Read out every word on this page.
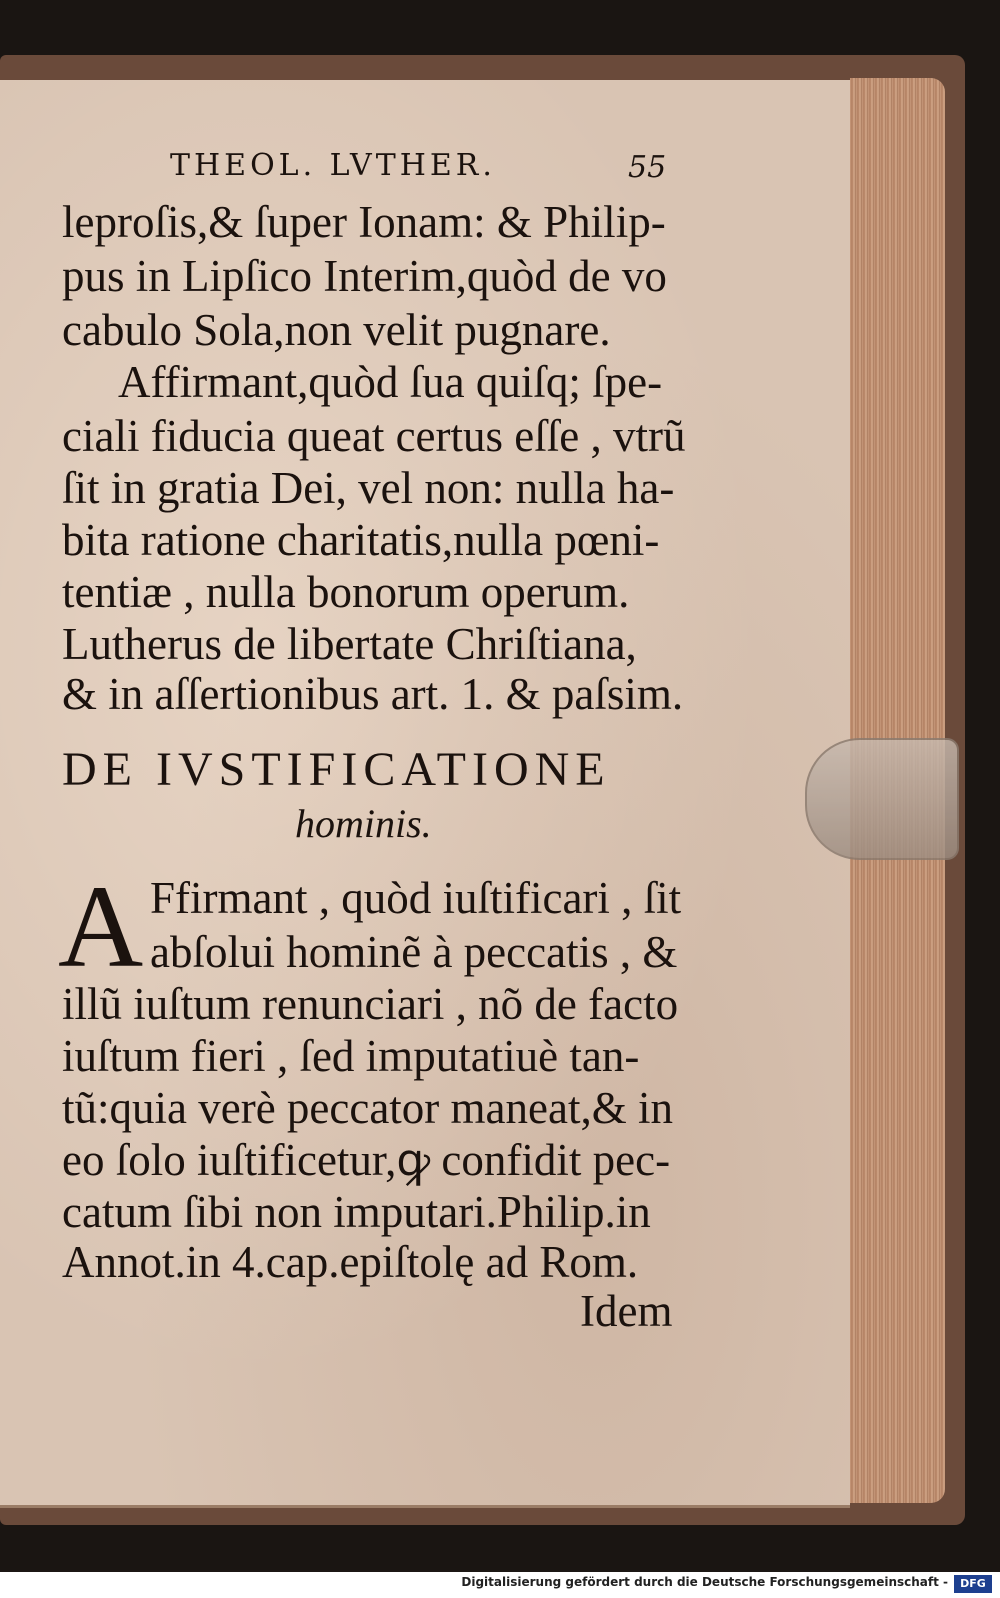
THEOL. LVTHER.	55
leproſis,& ſuper Ionam: & Philip-
pus in Lipſico Interim,quòd de vo
cabulo Sola,non velit pugnare.
Affirmant,quòd ſua quiſq; ſpe-
ciali fiducia queat certus eſſe , vtrũ
ſit in gratia Dei, vel non: nulla ha-
bita ratione charitatis,nulla pœni-
tentiæ , nulla bonorum operum.
Lutherus de libertate Chriſtiana,
& in aſſertionibus art. 1. & paſsim.
DE IVSTIFICATIONE
hominis.
A Ffirmant , quòd iuſtificari , ſit
abſolui hominẽ à peccatis , &
illũ iuſtum renunciari , nõ de facto
iuſtum fieri , ſed imputatiuè tan-
tũ:quia verè peccator maneat,& in
eo ſolo iuſtificetur,ꝙ confidit pec-
catum ſibi non imputari.Philip.in
Annot.in 4.cap.epiſtolę ad Rom.
Idem
Digitalisierung gefördert durch die Deutsche Forschungsgemeinschaft -	DFG
